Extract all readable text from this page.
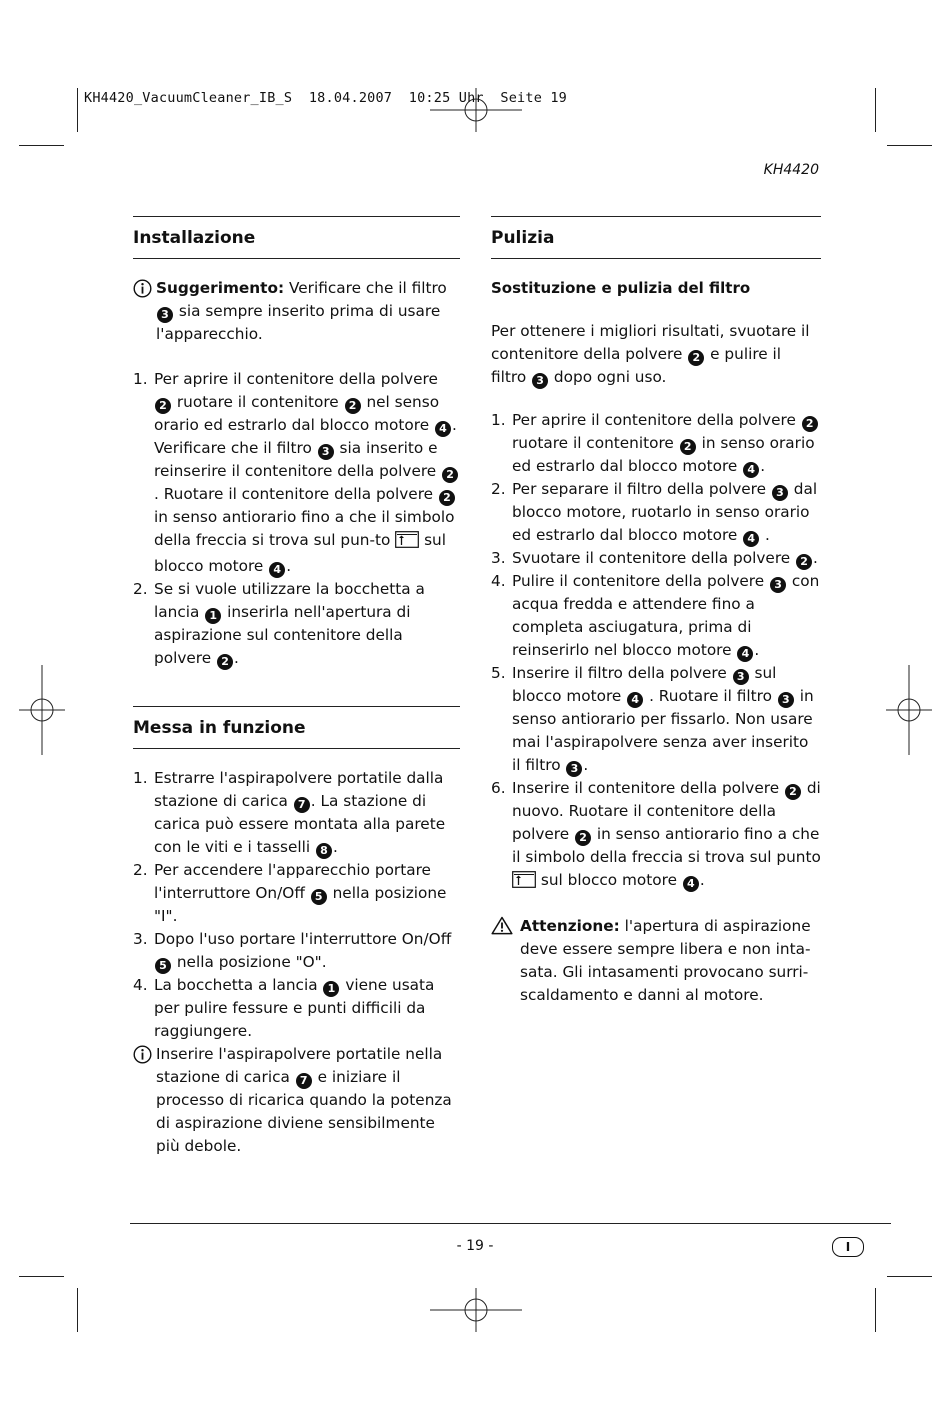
KH4420_VacuumCleaner_IB_S  18.04.2007  10:25 Uhr  Seite 19
KH4420
Installazione
Suggerimento: Verificare che il filtro 3 sia sempre inserito prima di usare l'apparecchio.
1. Per aprire il contenitore della polvere 2 ruotare il contenitore 2 nel senso orario ed estrarlo dal blocco motore 4 . Verificare che il filtro 3 sia inserito e reinserire il contenitore della polvere 2. Ruotare il contenitore della polvere 2 in senso antiorario fino a che il simbolo della freccia si trova sul pun-to  sul blocco motore 4 .
2. Se si vuole utilizzare la bocchetta a lancia 1 inserirla nell'apertura di aspirazione sul contenitore della polvere 2 .
Messa in funzione
1. Estrarre l'aspirapolvere portatile dalla stazione di carica 7 . La stazione di carica può essere montata alla parete con le viti e i tasselli 8 .
2. Per accendere l'apparecchio portare l'interruttore On/Off 5 nella posizione "I".
3. Dopo l'uso portare l'interruttore On/Off 5 nella posizione "O".
4. La bocchetta a lancia 1 viene usata per pulire fessure e punti difficili da raggiungere.
Inserire l'aspirapolvere portatile nella stazione di carica 7 e iniziare il processo di ricarica quando la potenza di aspirazione diviene sensibilmente più debole.
Pulizia
Sostituzione e pulizia del filtro
Per ottenere i migliori risultati, svuotare il contenitore della polvere 2 e pulire il filtro 3 dopo ogni uso.
1. Per aprire il contenitore della polvere 2 ruotare il contenitore 2 in senso orario ed estrarlo dal blocco motore 4 .
2. Per separare il filtro della polvere 3 dal blocco motore, ruotarlo in senso orario ed estrarlo dal blocco motore 4 .
3. Svuotare il contenitore della polvere 2 .
4. Pulire il contenitore della polvere 3 con acqua fredda e attendere fino a completa asciugatura, prima di reinserirlo nel blocco motore 4 .
5. Inserire il filtro della polvere 3 sul blocco motore 4 . Ruotare il filtro 3 in senso antiorario per fissarlo. Non usare mai l'aspirapolvere senza aver inserito il filtro 3 .
6. Inserire il contenitore della polvere 2 di nuovo. Ruotare il contenitore della polvere 2 in senso antiorario fino a che il simbolo della freccia si trova sul punto  sul blocco motore 4 .
Attenzione: l'apertura di aspirazione deve essere sempre libera e non inta-sata. Gli intasamenti provocano surri-scaldamento e danni al motore.
- 19 -	I
